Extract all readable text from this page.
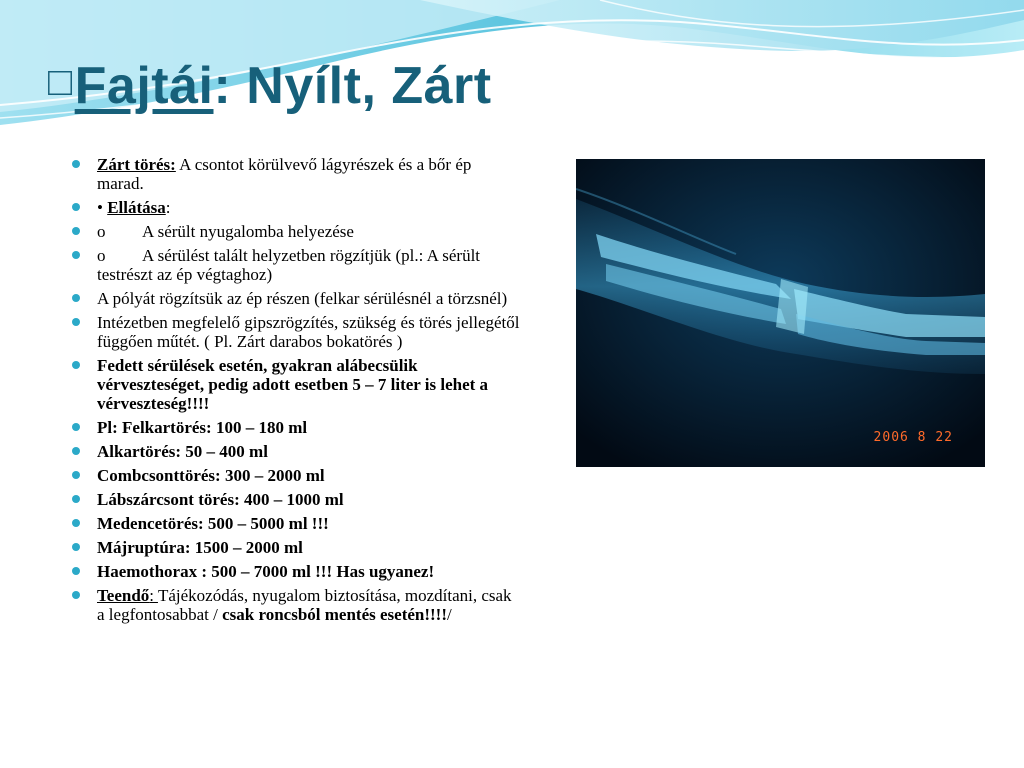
□Fajtái: Nyílt, Zárt
Zárt törés: A csontot körülvevő lágyrészek és a bőr ép marad.
• Ellátása:
o A sérült nyugalomba helyezése
o A sérülést talált helyzetben rögzítjük (pl.: A sérült testrészt az ép végtaghoz)
A pólyát rögzítsük az ép részen (felkar sérülésnél a törzsnél)
Intézetben megfelelő gipszrögzítés, szükség és törés jellegétől függően műtét. ( Pl. Zárt darabos bokatörés )
Fedett sérülések esetén, gyakran alábecsülik vérveszteséget, pedig adott esetben 5 – 7 liter is lehet a vérveszteség!!!!
Pl: Felkartörés: 100 – 180 ml
Alkartörés: 50 – 400 ml
Combcsonttörés: 300 – 2000 ml
Lábszárcsont törés: 400 – 1000 ml
Medencetörés: 500 – 5000 ml !!!
Májruptúra: 1500 – 2000 ml
Haemothorax : 500 – 7000 ml !!! Has ugyanez!
Teendő: Tájékozódás, nyugalom biztosítása, mozdítani, csak a legfontosabbat / csak roncsból mentés esetén!!!!/
2006 8 22
